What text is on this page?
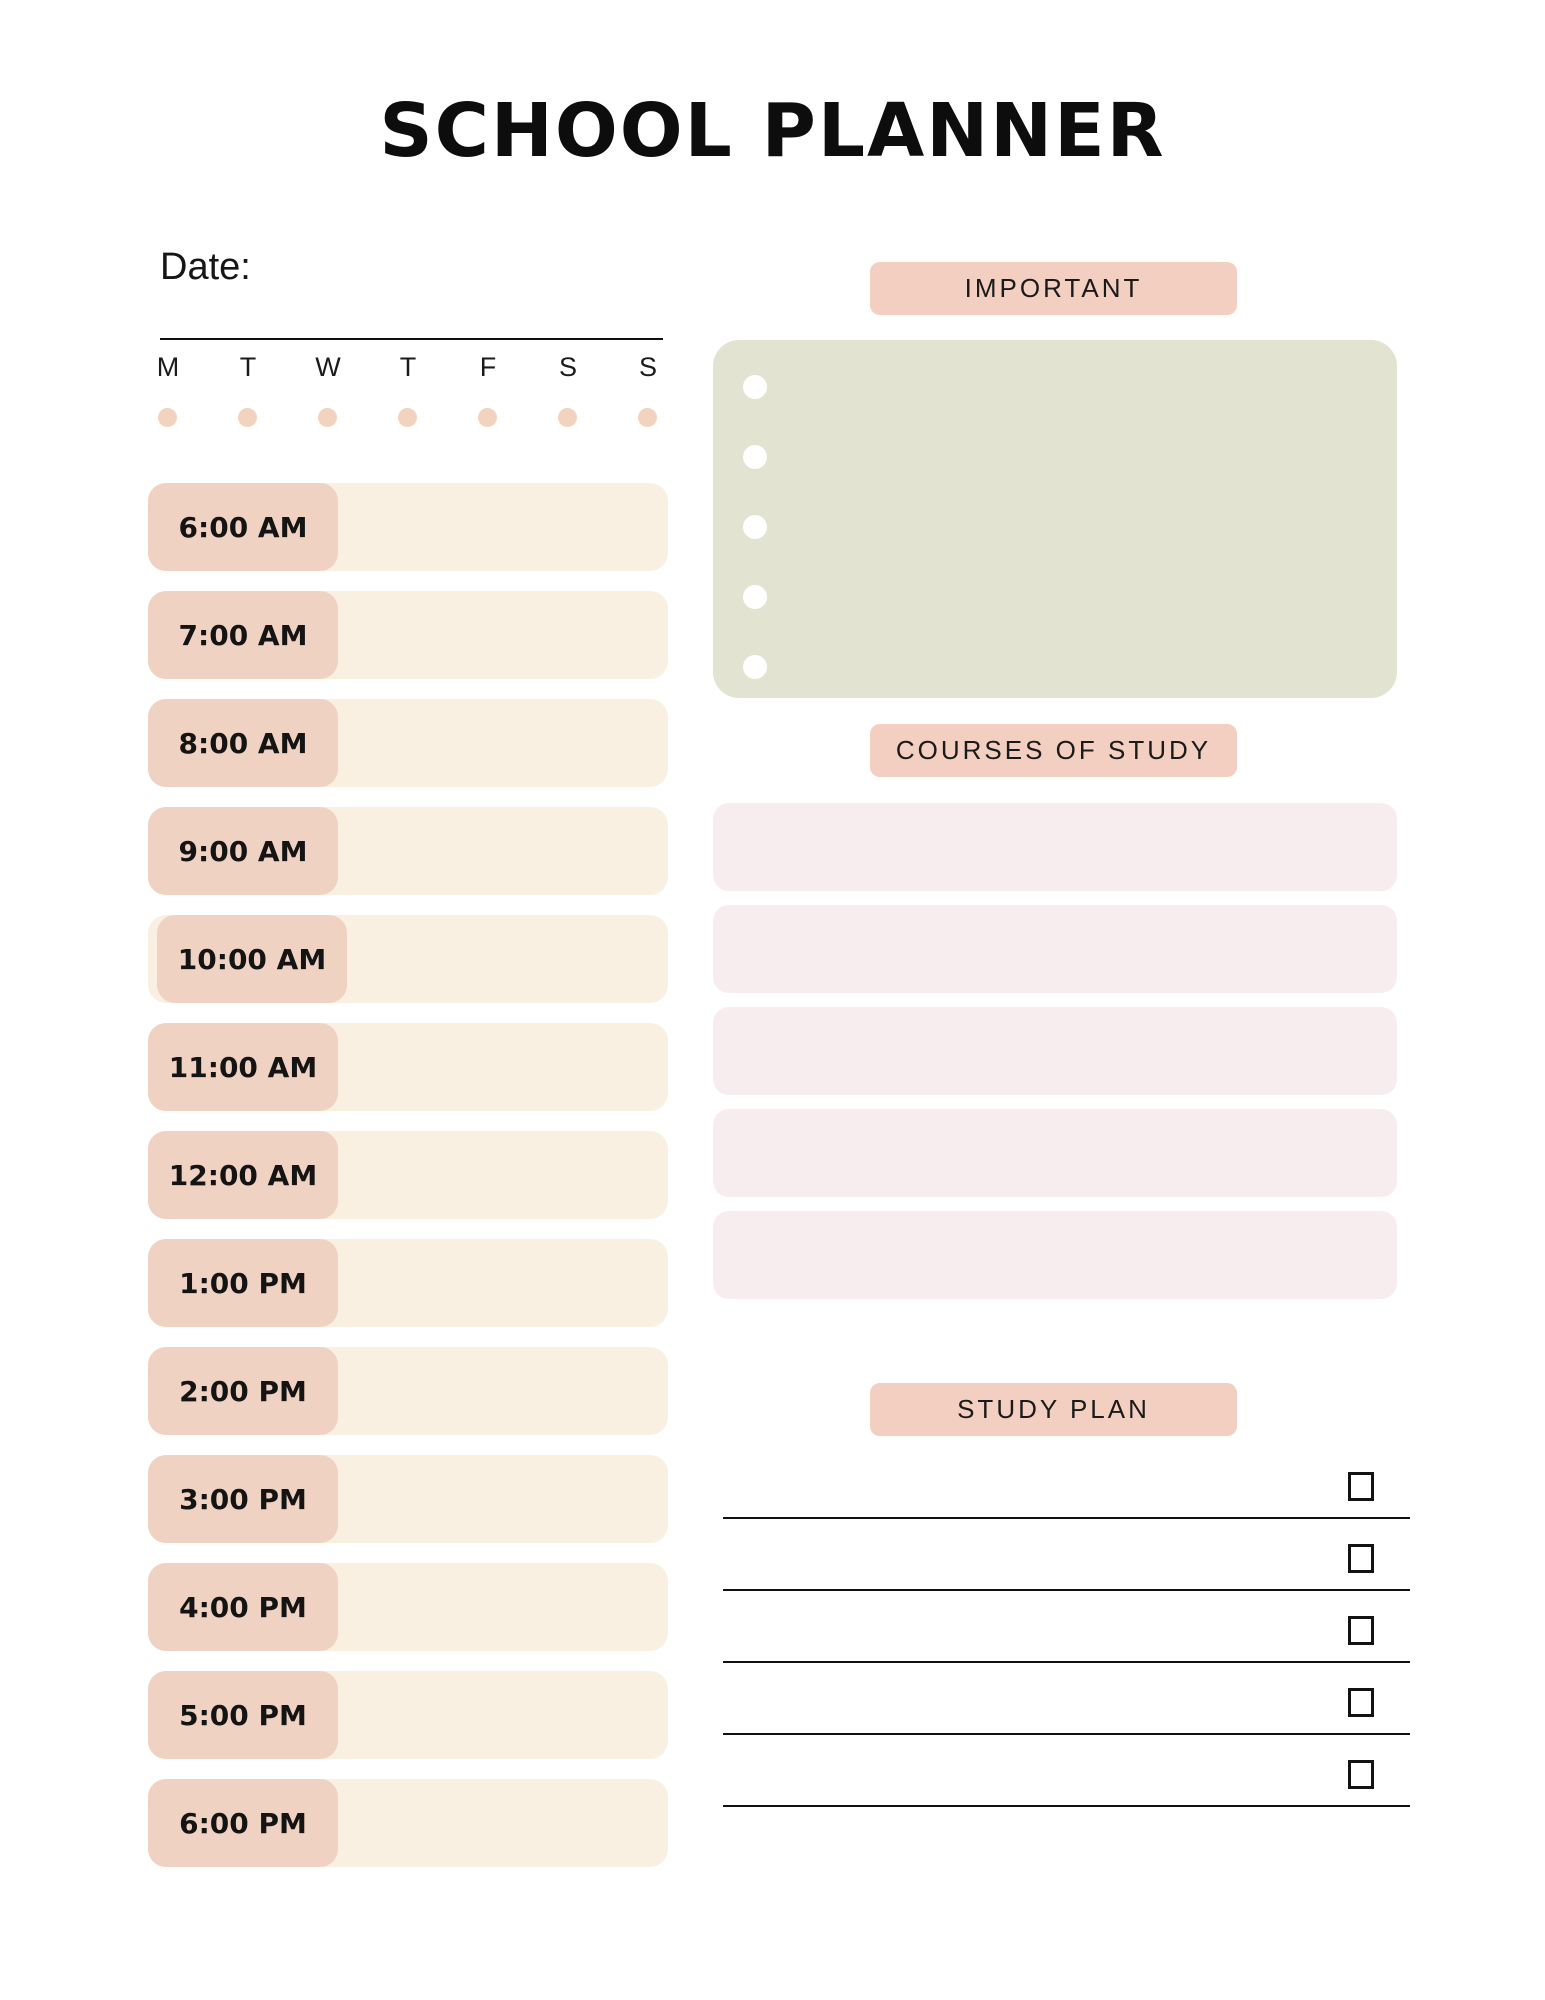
SCHOOL PLANNER
Date:	IMPORTANT
COURSES OF STUDY
STUDY PLAN
M	T	W	T	F	S	S
6:00 AM
7:00 AM
8:00 AM
9:00 AM
10:00 AM
11:00 AM
12:00 AM
1:00 PM
2:00 PM
3:00 PM
4:00 PM
5:00 PM
6:00 PM
